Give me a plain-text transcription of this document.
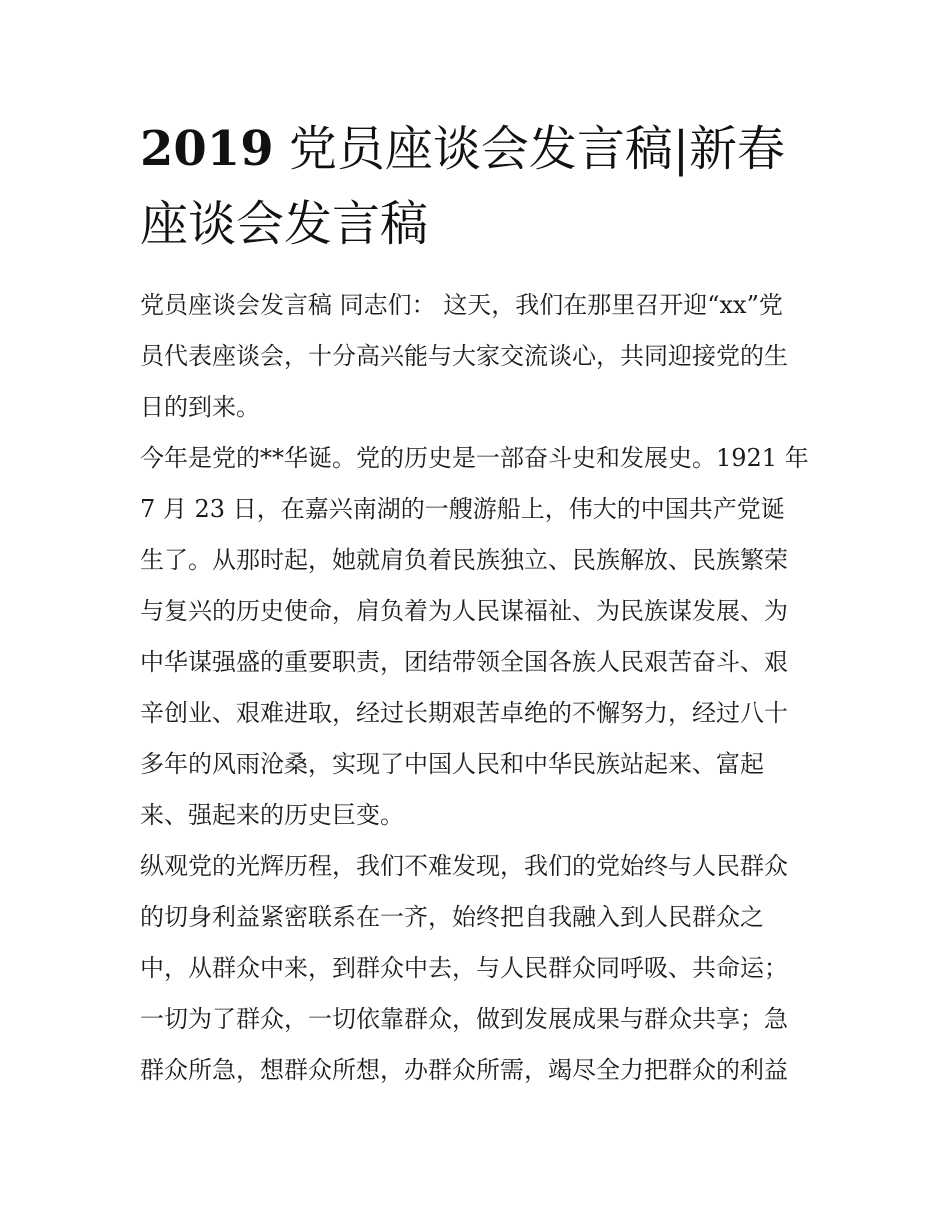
2019 党员座谈会发言稿|新春
座谈会发言稿
党员座谈会发言稿 同志们： 这天，我们在那里召开迎“xx”党
员代表座谈会，十分高兴能与大家交流谈心，共同迎接党的生
日的到来。
今年是党的**华诞。党的历史是一部奋斗史和发展史。1921 年
7 月 23 日，在嘉兴南湖的一艘游船上，伟大的中国共产党诞
生了。从那时起，她就肩负着民族独立、民族解放、民族繁荣
与复兴的历史使命，肩负着为人民谋福祉、为民族谋发展、为
中华谋强盛的重要职责，团结带领全国各族人民艰苦奋斗、艰
辛创业、艰难进取，经过长期艰苦卓绝的不懈努力，经过八十
多年的风雨沧桑，实现了中国人民和中华民族站起来、富起
来、强起来的历史巨变。
纵观党的光辉历程，我们不难发现，我们的党始终与人民群众
的切身利益紧密联系在一齐，始终把自我融入到人民群众之
中，从群众中来，到群众中去，与人民群众同呼吸、共命运；
一切为了群众，一切依靠群众，做到发展成果与群众共享；急
群众所急，想群众所想，办群众所需，竭尽全力把群众的利益
